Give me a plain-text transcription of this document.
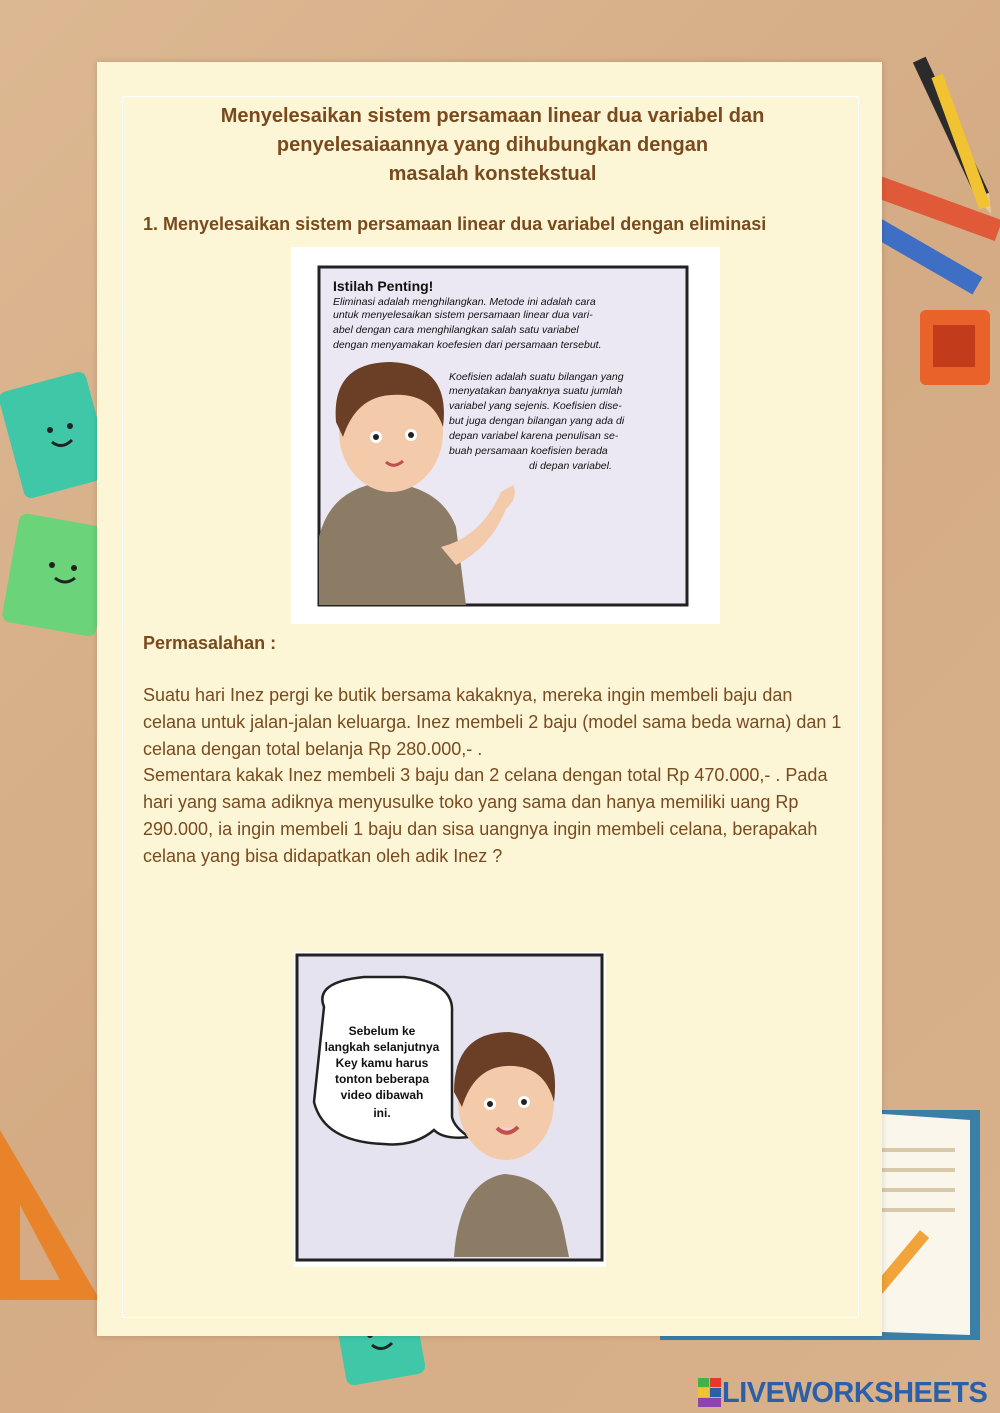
Menyelesaikan sistem persamaan linear dua variabel dan
penyelesaiaannya yang dihubungkan dengan
masalah konstekstual
1. Menyelesaikan sistem persamaan linear dua variabel dengan eliminasi
Istilah Penting!
Eliminasi adalah menghilangkan. Metode ini adalah cara
untuk menyelesaikan sistem persamaan linear dua vari-
abel dengan cara menghilangkan salah satu variabel
dengan menyamakan koefesien dari persamaan tersebut.
Koefisien adalah suatu bilangan yang
menyatakan banyaknya suatu jumlah
variabel yang sejenis. Koefisien dise-
but juga dengan bilangan yang ada di
depan variabel karena penulisan se-
buah persamaan koefisien berada
di depan variabel.
Permasalahan :

Suatu hari Inez pergi ke butik bersama kakaknya, mereka ingin membeli baju dan celana untuk jalan-jalan keluarga. Inez membeli 2 baju (model sama beda warna) dan 1 celana dengan total belanja Rp 280.000,- .

Sementara kakak Inez membeli 3 baju dan 2 celana dengan total Rp 470.000,- . Pada hari yang sama adiknya menyusulke toko yang sama dan hanya memiliki uang Rp 290.000, ia ingin membeli 1 baju dan sisa uangnya ingin membeli celana, berapakah celana yang bisa didapatkan oleh adik Inez ?

Sebelum ke
langkah selanjutnya
Key kamu harus
tonton beberapa
video dibawah
ini.
LIVEWORKSHEETS
